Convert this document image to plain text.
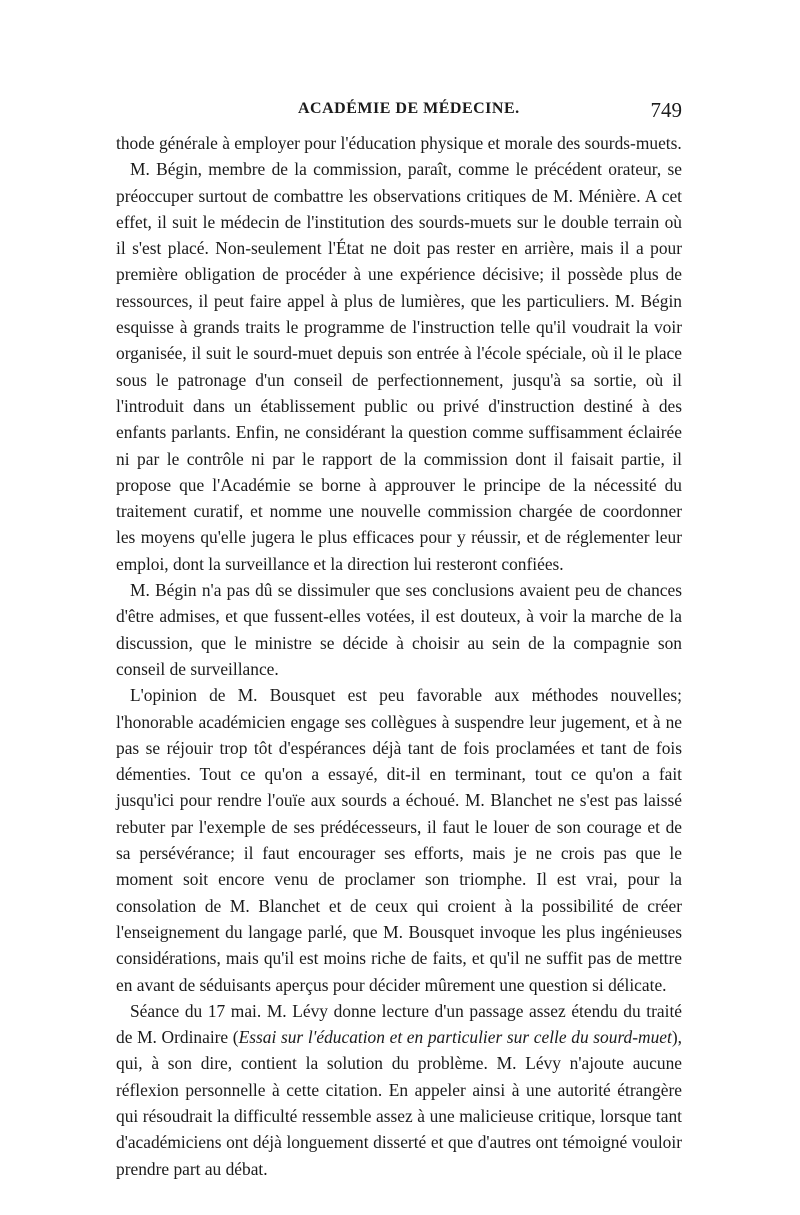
ACADÉMIE DE MÉDECINE.	749

thode générale à employer pour l'éducation physique et morale des sourds-muets.

M. Bégin, membre de la commission, paraît, comme le précédent orateur, se préoccuper surtout de combattre les observations critiques de M. Ménière. A cet effet, il suit le médecin de l'institution des sourds-muets sur le double terrain où il s'est placé. Non-seulement l'État ne doit pas rester en arrière, mais il a pour première obligation de procéder à une expérience décisive; il possède plus de ressources, il peut faire appel à plus de lumières, que les particuliers. M. Bégin esquisse à grands traits le programme de l'instruction telle qu'il voudrait la voir organisée, il suit le sourd-muet depuis son entrée à l'école spéciale, où il le place sous le patronage d'un conseil de perfectionnement, jusqu'à sa sortie, où il l'introduit dans un établissement public ou privé d'instruction destiné à des enfants parlants. Enfin, ne considérant la question comme suffisamment éclairée ni par le contrôle ni par le rapport de la commission dont il faisait partie, il propose que l'Académie se borne à approuver le principe de la nécessité du traitement curatif, et nomme une nouvelle commission chargée de coordonner les moyens qu'elle jugera le plus efficaces pour y réussir, et de réglementer leur emploi, dont la surveillance et la direction lui resteront confiées.

M. Bégin n'a pas dû se dissimuler que ses conclusions avaient peu de chances d'être admises, et que fussent-elles votées, il est douteux, à voir la marche de la discussion, que le ministre se décide à choisir au sein de la compagnie son conseil de surveillance.

L'opinion de M. Bousquet est peu favorable aux méthodes nouvelles; l'honorable académicien engage ses collègues à suspendre leur jugement, et à ne pas se réjouir trop tôt d'espérances déjà tant de fois proclamées et tant de fois démenties. Tout ce qu'on a essayé, dit-il en terminant, tout ce qu'on a fait jusqu'ici pour rendre l'ouïe aux sourds a échoué. M. Blanchet ne s'est pas laissé rebuter par l'exemple de ses prédécesseurs, il faut le louer de son courage et de sa persévérance; il faut encourager ses efforts, mais je ne crois pas que le moment soit encore venu de proclamer son triomphe. Il est vrai, pour la consolation de M. Blanchet et de ceux qui croient à la possibilité de créer l'enseignement du langage parlé, que M. Bousquet invoque les plus ingénieuses considérations, mais qu'il est moins riche de faits, et qu'il ne suffit pas de mettre en avant de séduisants aperçus pour décider mûrement une question si délicate.

Séance du 17 mai. M. Lévy donne lecture d'un passage assez étendu du traité de M. Ordinaire (Essai sur l'éducation et en particulier sur celle du sourd-muet), qui, à son dire, contient la solution du problème. M. Lévy n'ajoute aucune réflexion personnelle à cette citation. En appeler ainsi à une autorité étrangère qui résoudrait la difficulté ressemble assez à une malicieuse critique, lorsque tant d'académiciens ont déjà longuement disserté et que d'autres ont témoigné vouloir prendre part au débat.
